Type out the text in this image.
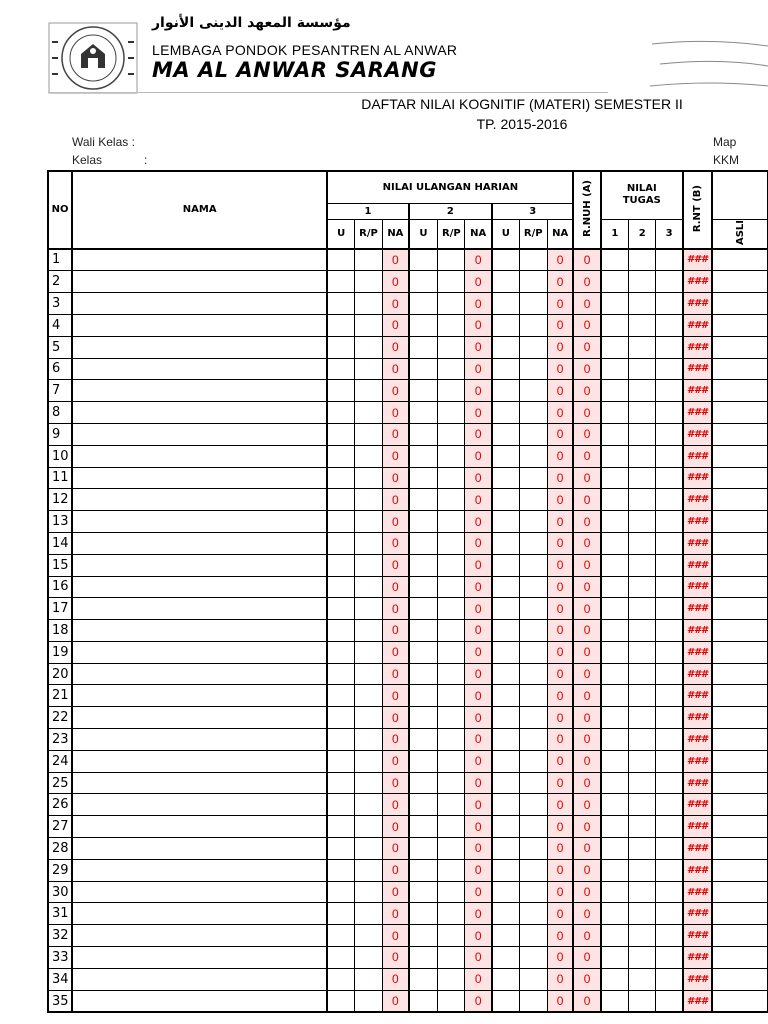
مؤسسة المعهد الدينى الأنوار
LEMBAGA PONDOK PESANTREN AL ANWAR
MA AL ANWAR SARANG
DAFTAR NILAI KOGNITIF (MATERI) SEMESTER II
TP. 2015-2016
Wali Kelas :
Kelas	:
Map
KKM
NO	NAMA	NILAI ULANGAN HARIAN									R.NUH (A)	NILAI
TUGAS			R.NT (B)	
		1			2			3								
		U	R/P	NA	U	R/P	NA	U	R/P	NA		1	2	3		ASLI
1				0			0			0	0				###	
2				0			0			0	0				###	
3				0			0			0	0				###	
4				0			0			0	0				###	
5				0			0			0	0				###	
6				0			0			0	0				###	
7				0			0			0	0				###	
8				0			0			0	0				###	
9				0			0			0	0				###	
10				0			0			0	0				###	
11				0			0			0	0				###	
12				0			0			0	0				###	
13				0			0			0	0				###	
14				0			0			0	0				###	
15				0			0			0	0				###	
16				0			0			0	0				###	
17				0			0			0	0				###	
18				0			0			0	0				###	
19				0			0			0	0				###	
20				0			0			0	0				###	
21				0			0			0	0				###	
22				0			0			0	0				###	
23				0			0			0	0				###	
24				0			0			0	0				###	
25				0			0			0	0				###	
26				0			0			0	0				###	
27				0			0			0	0				###	
28				0			0			0	0				###	
29				0			0			0	0				###	
30				0			0			0	0				###	
31				0			0			0	0				###	
32				0			0			0	0				###	
33				0			0			0	0				###	
34				0			0			0	0				###	
35				0			0			0	0				###	
